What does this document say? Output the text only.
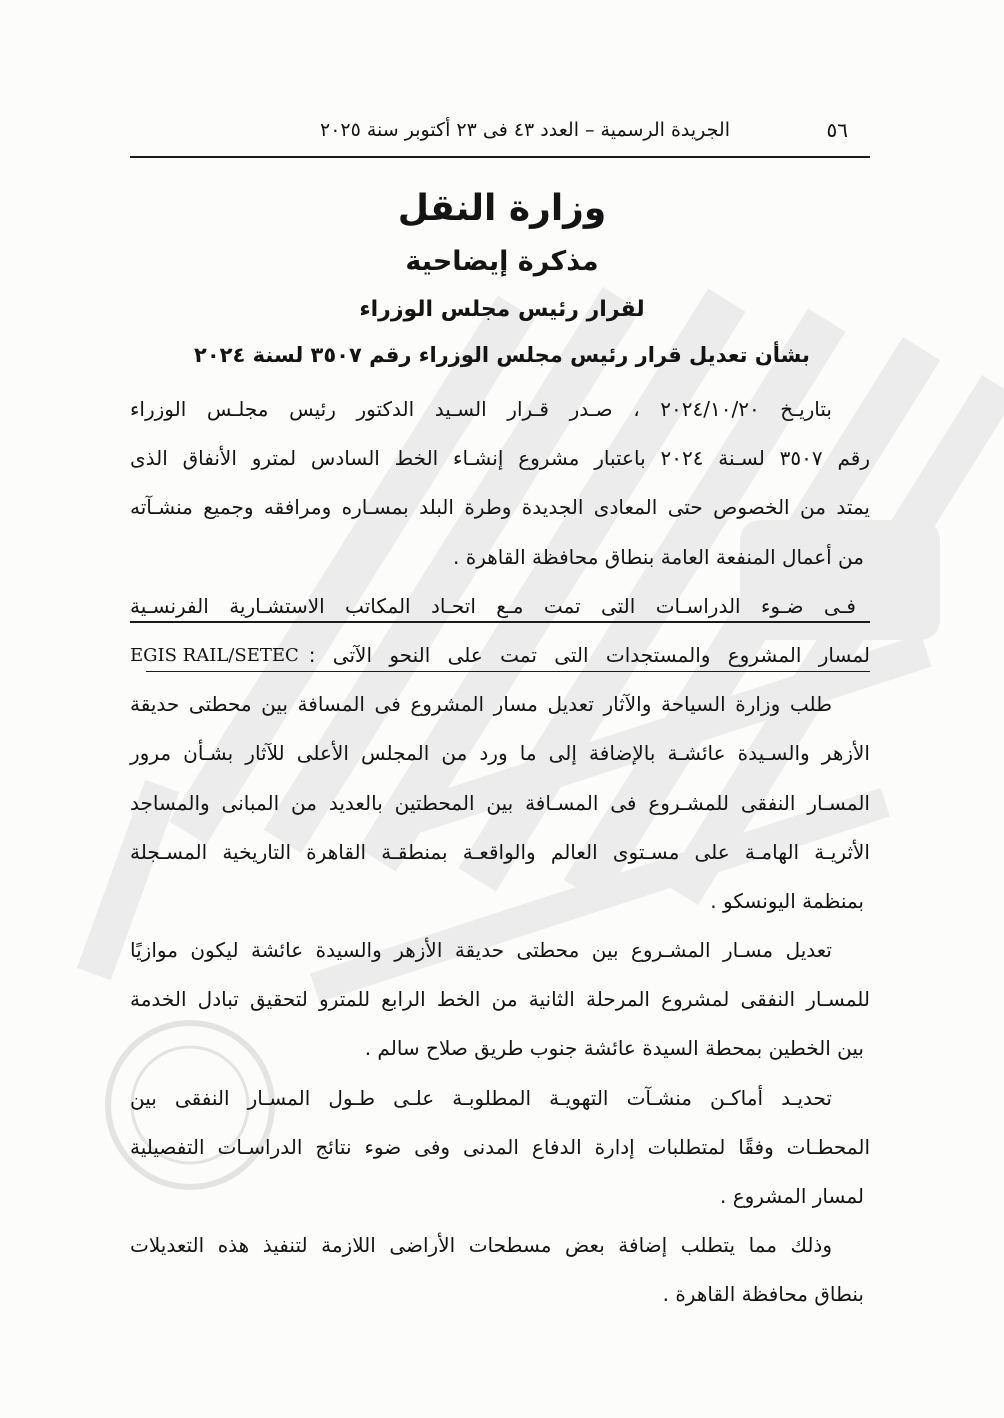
٥٦
الجريدة الرسمية – العدد ٤٣ فى ٢٣ أكتوبر سنة ٢٠٢٥
وزارة النقل
مذكرة إيضاحية
لقرار رئيس مجلس الوزراء
بشأن تعديل قرار رئيس مجلس الوزراء رقم ٣٥٠٧ لسنة ٢٠٢٤
بتاريـخ ٢٠٢٤/١٠/٢٠ ، صـدر قـرار السـيد الدكتور رئيس مجلـس الوزراء
رقم ٣٥٠٧ لسـنة ٢٠٢٤ باعتبار مشروع إنشـاء الخط السادس لمترو الأنفاق الذى
يمتد من الخصوص حتى المعادى الجديدة وطرة البلد بمسـاره ومرافقه وجميع منشـآته
من أعمال المنفعة العامة بنطاق محافظة القاهرة .
فـى ضـوء الدراسـات التى تمت مـع اتحـاد المكاتب الاستشـارية الفرنسـية
لمسار المشروع والمستجدات التى تمت على النحو الآتى :
EGIS RAIL/SETEC
طلب وزارة السياحة والآثار تعديل مسار المشروع فى المسافة بين محطتى حديقة
الأزهر والسـيدة عائشـة بالإضافة إلى ما ورد من المجلس الأعلى للآثار بشـأن مرور
المسـار النفقى للمشـروع فى المسـافة بين المحطتين بالعديد من المبانى والمساجد
الأثريـة الهامـة على مسـتوى العالم والواقعـة بمنطقـة القاهرة التاريخية المسـجلة
بمنظمة اليونسكو .
تعديل مسـار المشـروع بين محطتى حديقة الأزهر والسيدة عائشة ليكون موازيًا
للمسـار النفقى لمشروع المرحلة الثانية من الخط الرابع للمترو لتحقيق تبادل الخدمة
بين الخطين بمحطة السيدة عائشة جنوب طريق صلاح سالم .
تحديـد أماكـن منشـآت التهويـة المطلوبـة علـى طـول المسـار النفقى بين
المحطـات وفقًا لمتطلبات إدارة الدفاع المدنى وفى ضوء نتائج الدراسـات التفصيلية
لمسار المشروع .
وذلك مما يتطلب إضافة بعض مسطحات الأراضى اللازمة لتنفيذ هذه التعديلات
بنطاق محافظة القاهرة .
